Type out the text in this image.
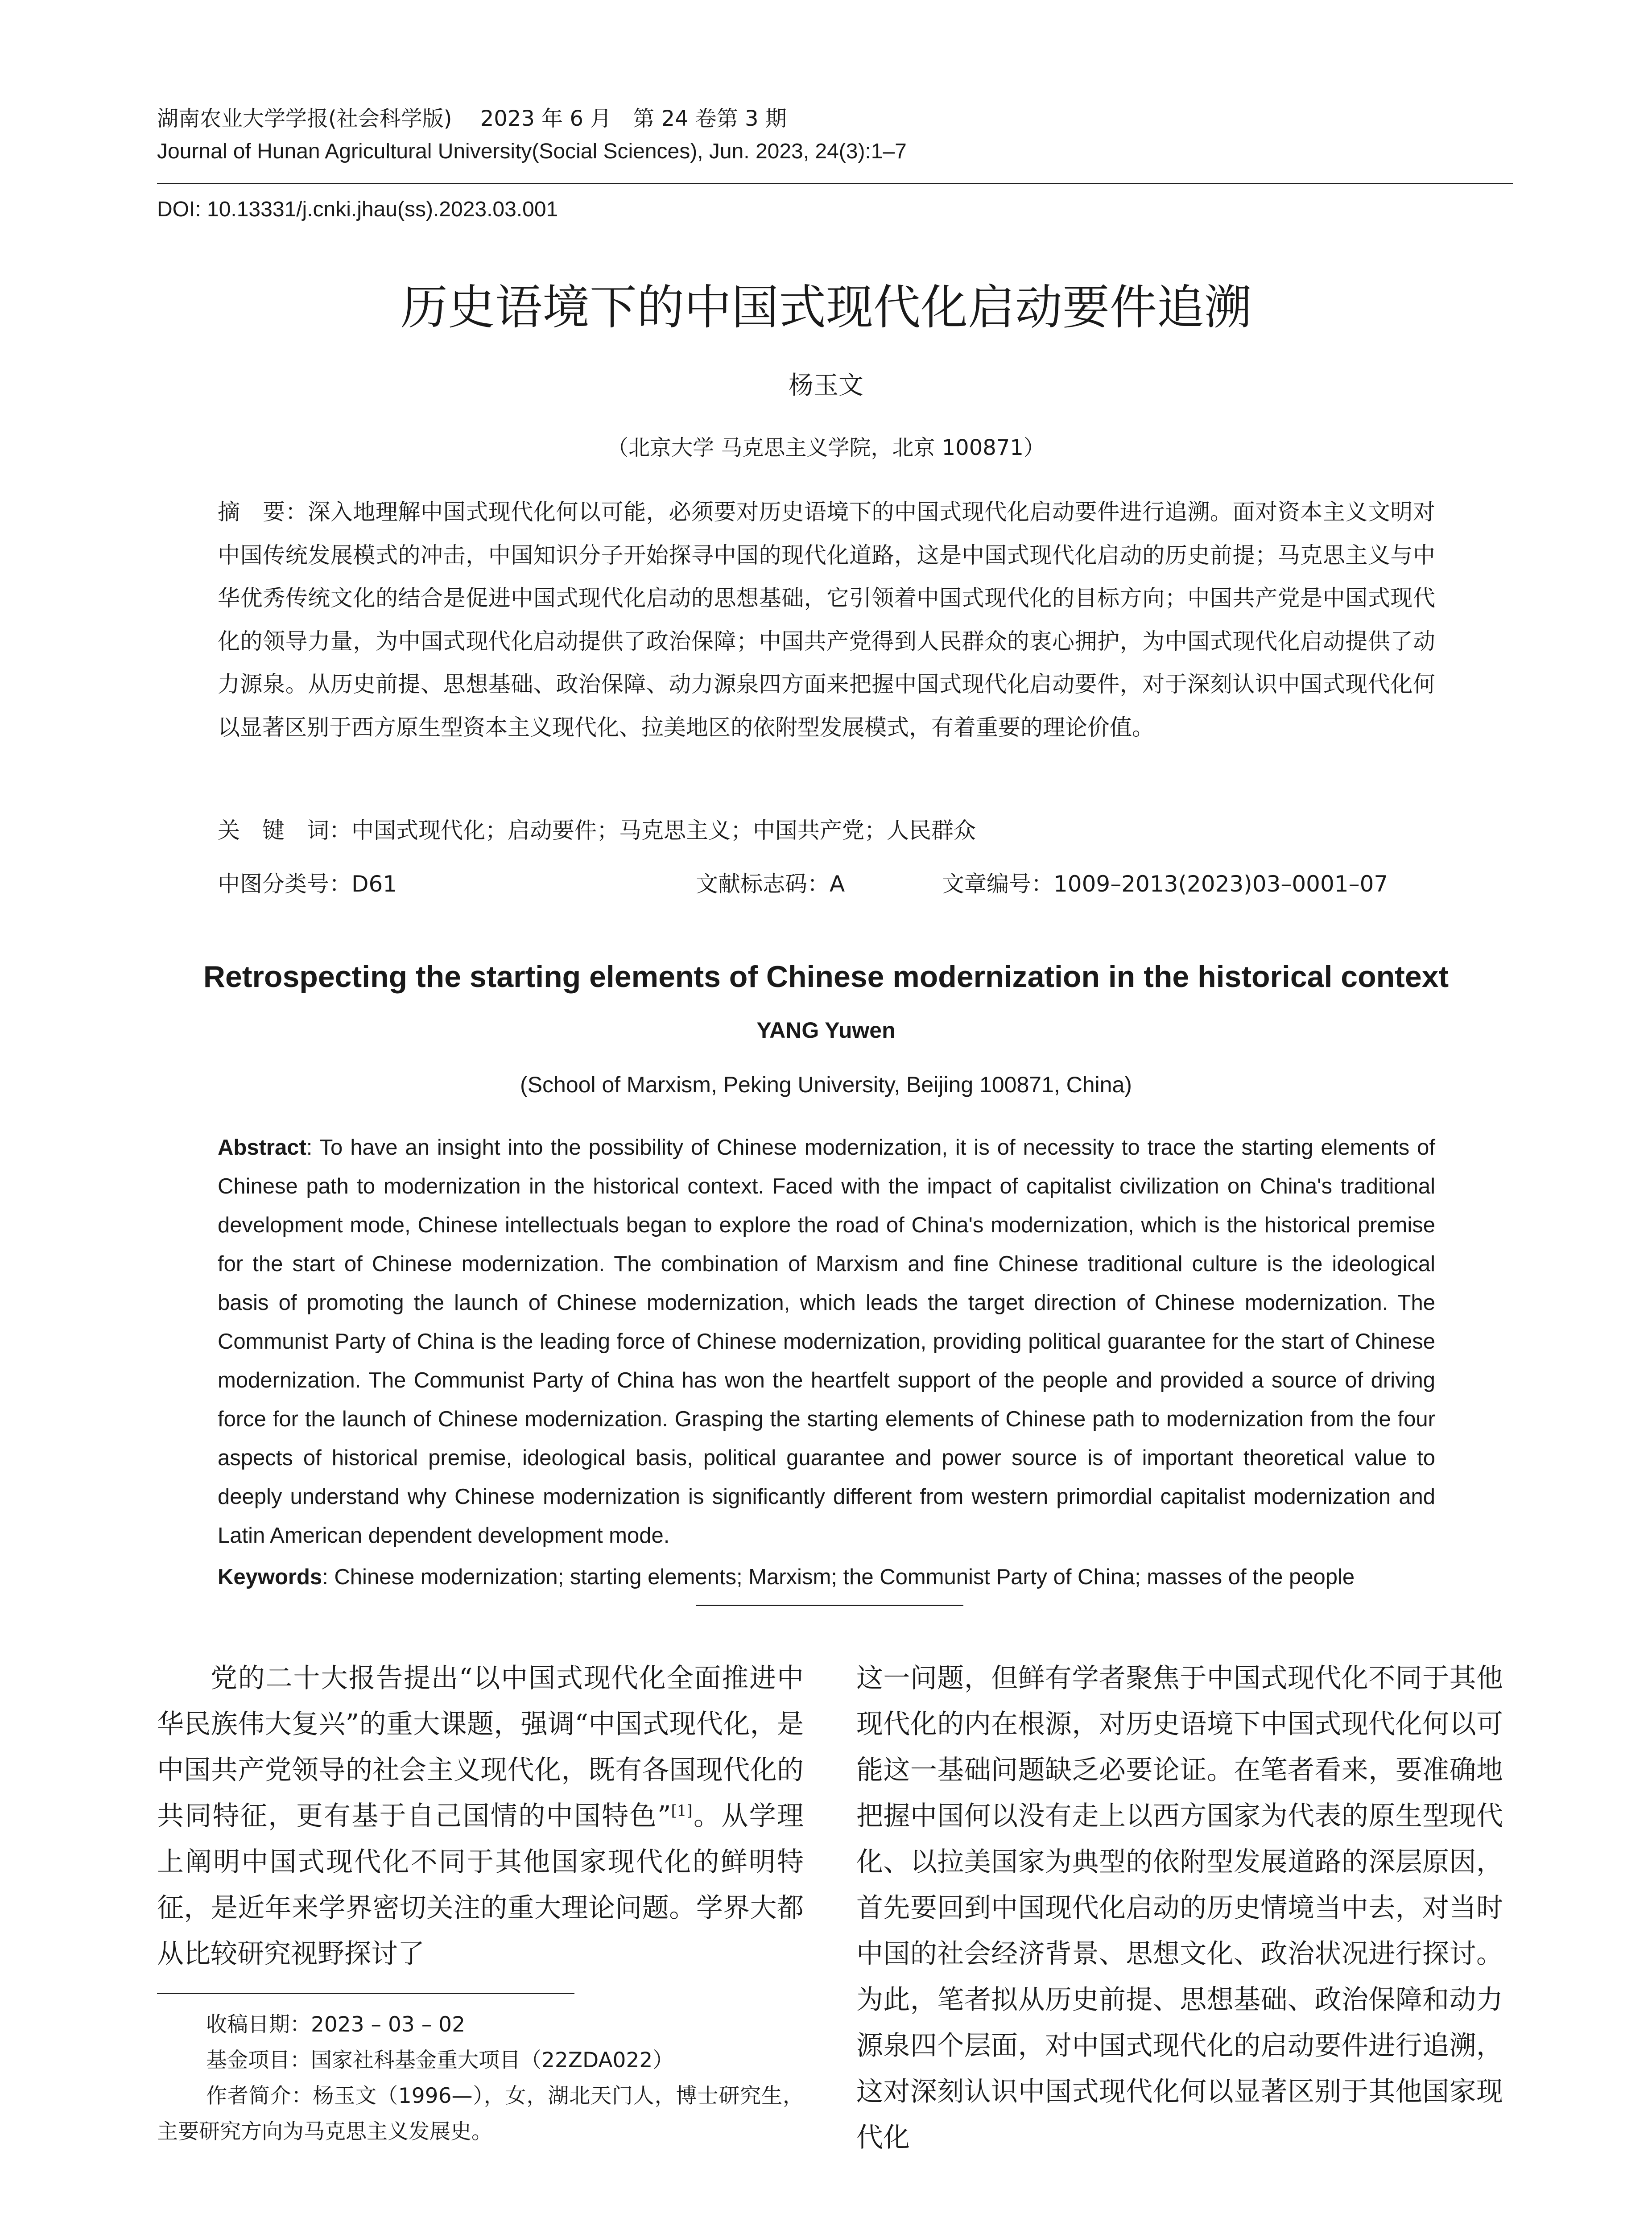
湖南农业大学学报(社会科学版)　 2023 年 6 月　第 24 卷第 3 期
Journal of Hunan Agricultural University(Social Sciences), Jun. 2023, 24(3):1–7
DOI: 10.13331/j.cnki.jhau(ss).2023.03.001
历史语境下的中国式现代化启动要件追溯
杨玉文
（北京大学 马克思主义学院，北京 100871）
摘　要：深入地理解中国式现代化何以可能，必须要对历史语境下的中国式现代化启动要件进行追溯。面对资本主义文明对中国传统发展模式的冲击，中国知识分子开始探寻中国的现代化道路，这是中国式现代化启动的历史前提；马克思主义与中华优秀传统文化的结合是促进中国式现代化启动的思想基础，它引领着中国式现代化的目标方向；中国共产党是中国式现代化的领导力量，为中国式现代化启动提供了政治保障；中国共产党得到人民群众的衷心拥护，为中国式现代化启动提供了动力源泉。从历史前提、思想基础、政治保障、动力源泉四方面来把握中国式现代化启动要件，对于深刻认识中国式现代化何以显著区别于西方原生型资本主义现代化、拉美地区的依附型发展模式，有着重要的理论价值。
关　键　词：中国式现代化；启动要件；马克思主义；中国共产党；人民群众
中图分类号：D61	文献标志码：A	文章编号：1009–2013(2023)03–0001–07
Retrospecting the starting elements of Chinese modernization in the historical context
YANG Yuwen
(School of Marxism, Peking University, Beijing 100871, China)
Abstract: To have an insight into the possibility of Chinese modernization, it is of necessity to trace the starting elements of Chinese path to modernization in the historical context. Faced with the impact of capitalist civilization on China's traditional development mode, Chinese intellectuals began to explore the road of China's modernization, which is the historical premise for the start of Chinese modernization. The combination of Marxism and fine Chinese traditional culture is the ideological basis of promoting the launch of Chinese modernization, which leads the target direction of Chinese modernization. The Communist Party of China is the leading force of Chinese modernization, providing political guarantee for the start of Chinese modernization. The Communist Party of China has won the heartfelt support of the people and provided a source of driving force for the launch of Chinese modernization. Grasping the starting elements of Chinese path to modernization from the four aspects of historical premise, ideological basis, political guarantee and power source is of important theoretical value to deeply understand why Chinese modernization is significantly different from western primordial capitalist modernization and Latin American dependent development mode.
Keywords: Chinese modernization; starting elements; Marxism; the Communist Party of China; masses of the people
党的二十大报告提出“以中国式现代化全面推进中华民族伟大复兴”的重大课题，强调“中国式现代化，是中国共产党领导的社会主义现代化，既有各国现代化的共同特征，更有基于自己国情的中国特色”[1]。从学理上阐明中国式现代化不同于其他国家现代化的鲜明特征，是近年来学界密切关注的重大理论问题。学界大都从比较研究视野探讨了
收稿日期：2023 – 03 – 02
基金项目：国家社科基金重大项目（22ZDA022）
作者简介：杨玉文（1996—），女，湖北天门人，博士研究生，主要研究方向为马克思主义发展史。
这一问题，但鲜有学者聚焦于中国式现代化不同于其他现代化的内在根源，对历史语境下中国式现代化何以可能这一基础问题缺乏必要论证。在笔者看来，要准确地把握中国何以没有走上以西方国家为代表的原生型现代化、以拉美国家为典型的依附型发展道路的深层原因，首先要回到中国现代化启动的历史情境当中去，对当时中国的社会经济背景、思想文化、政治状况进行探讨。为此，笔者拟从历史前提、思想基础、政治保障和动力源泉四个层面，对中国式现代化的启动要件进行追溯，这对深刻认识中国式现代化何以显著区别于其他国家现代化
